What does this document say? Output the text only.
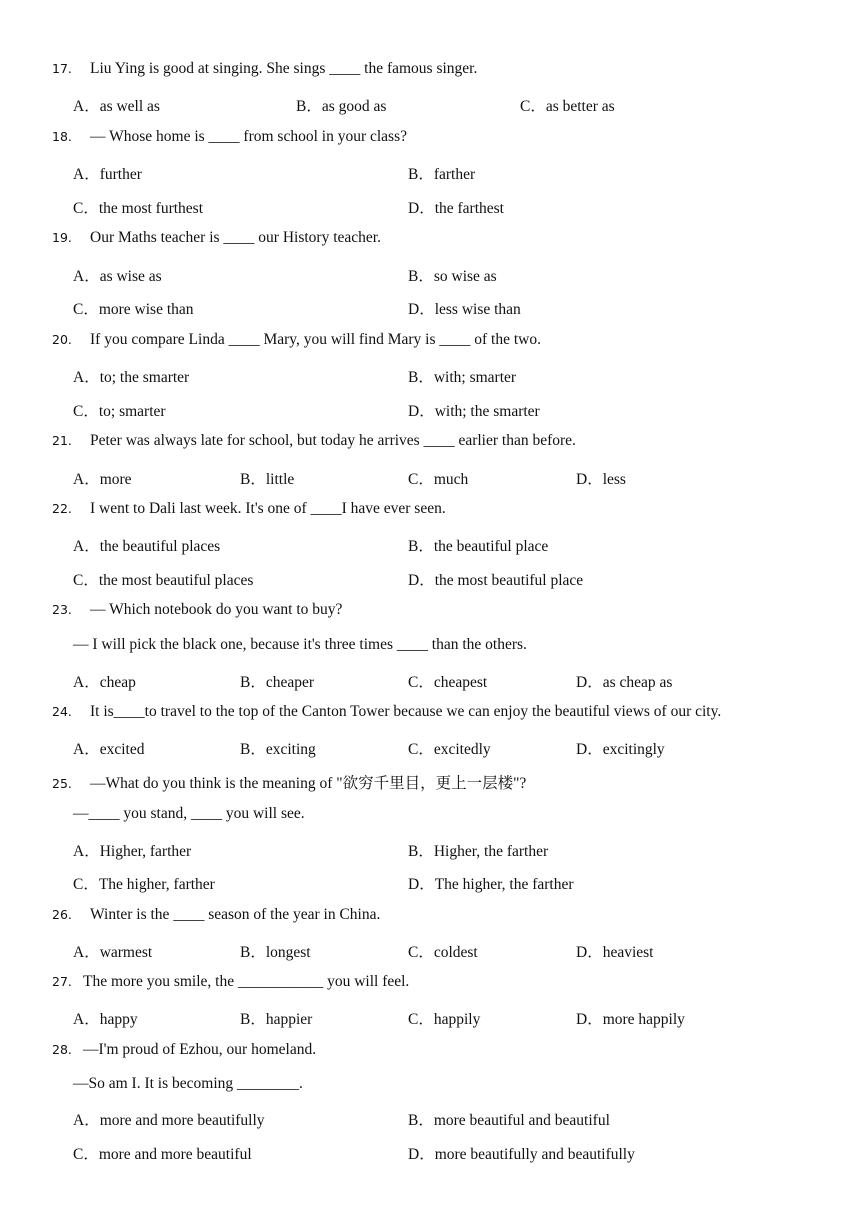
17. Liu Ying is good at singing. She sings ____ the famous singer.
A．as well as	B．as good as	C．as better as
18. — Whose home is ____ from school in your class?
A．further	B．farther
C．the most furthest	D．the farthest
19. Our Maths teacher is ____ our History teacher.
A．as wise as	B．so wise as
C．more wise than	D．less wise than
20. If you compare Linda ____ Mary, you will find Mary is ____ of the two.
A．to; the smarter	B．with; smarter
C．to; smarter	D．with; the smarter
21. Peter was always late for school, but today he arrives ____ earlier than before.
A．more	B．little	C．much	D．less
22. I went to Dali last week. It's one of ____I have ever seen.
A．the beautiful places	B．the beautiful place
C．the most beautiful places	D．the most beautiful place
23. — Which notebook do you want to buy?
— I will pick the black one, because it's three times ____ than the others.
A．cheap	B．cheaper	C．cheapest	D．as cheap as
24. It is____to travel to the top of the Canton Tower because we can enjoy the beautiful views of our city.
A．excited	B．exciting	C．excitedly	D．excitingly
25. —What do you think is the meaning of "欲穷千里目，更上一层楼"?
—____ you stand, ____ you will see.
A．Higher, farther	B．Higher, the farther
C．The higher, farther	D．The higher, the farther
26. Winter is the ____ season of the year in China.
A．warmest	B．longest	C．coldest	D．heaviest
27. The more you smile, the ___________ you will feel.
A．happy	B．happier	C．happily	D．more happily
28. —I'm proud of Ezhou, our homeland.
—So am I. It is becoming ________.
A．more and more beautifully	B．more beautiful and beautiful
C．more and more beautiful	D．more beautifully and beautifully
